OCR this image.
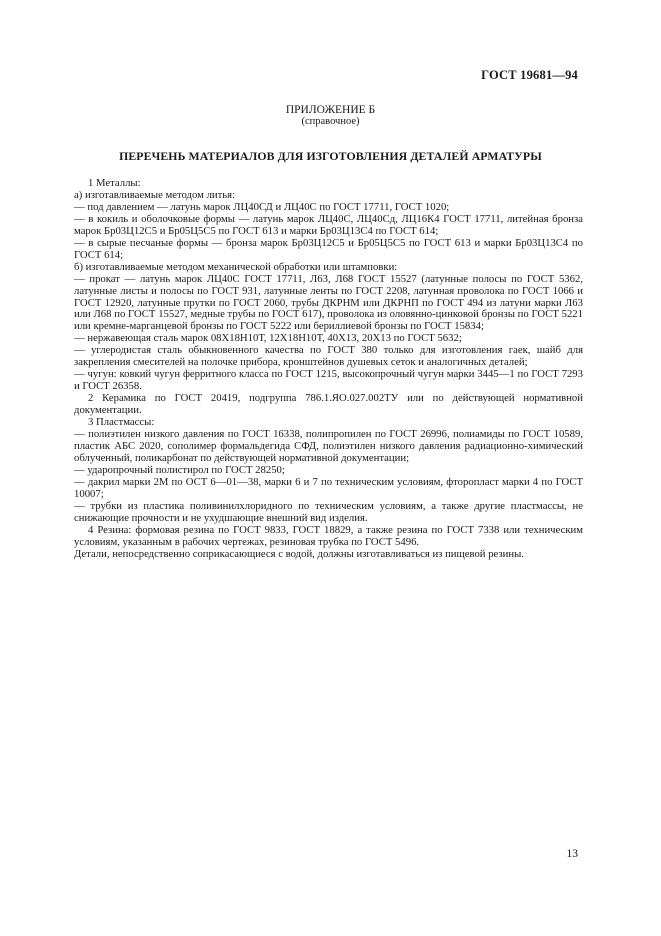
ГОСТ 19681—94
ПРИЛОЖЕНИЕ Б
(справочное)
ПЕРЕЧЕНЬ МАТЕРИАЛОВ ДЛЯ ИЗГОТОВЛЕНИЯ ДЕТАЛЕЙ АРМАТУРЫ

1 Металлы:

а) изготавливаемые методом литья:

— под давлением — латунь марок ЛЦ40СД и ЛЦ40С по ГОСТ 17711, ГОСТ 1020;

— в кокиль и оболочковые формы — латунь марок ЛЦ40С, ЛЦ40Сд, ЛЦ16К4 ГОСТ 17711, литейная бронза марок Бр03Ц12С5 и Бр05Ц5С5 по ГОСТ 613 и марки Бр03Ц13С4 по ГОСТ 614;

— в сырые песчаные формы — бронза марок Бр03Ц12С5 и Бр05Ц5С5 по ГОСТ 613 и марки Бр03Ц13С4 по ГОСТ 614;

б) изготавливаемые методом механической обработки или штамповки:

— прокат — латунь марок ЛЦ40С ГОСТ 17711, Л63, Л68 ГОСТ 15527 (латунные полосы по ГОСТ 5362, латунные листы и полосы по ГОСТ 931, латунные ленты по ГОСТ 2208, латунная проволока по ГОСТ 1066 и ГОСТ 12920, латунные прутки по ГОСТ 2060, трубы ДКРНМ или ДКРНП по ГОСТ 494 из латуни марки Л63 или Л68 по ГОСТ 15527, медные трубы по ГОСТ 617), проволока из оловянно-цинковой бронзы по ГОСТ 5221 или кремне-марганцевой бронзы по ГОСТ 5222 или бериллиевой бронзы по ГОСТ 15834;

— нержавеющая сталь марок 08Х18Н10Т, 12Х18Н10Т, 40Х13, 20Х13 по ГОСТ 5632;

— углеродистая сталь обыкновенного качества по ГОСТ 380 только для изготовления гаек, шайб для закрепления смесителей на полочке прибора, кронштейнов душевых сеток и аналогичных деталей;

— чугун: ковкий чугун ферритного класса по ГОСТ 1215, высокопрочный чугун марки 3445—1 по ГОСТ 7293 и ГОСТ 26358.

2 Керамика по ГОСТ 20419, подгруппа 786.1.ЯО.027.002ТУ или по действующей нормативной документации.

3 Пластмассы:

— полиэтилен низкого давления по ГОСТ 16338, полипропилен по ГОСТ 26996, полиамиды по ГОСТ 10589, пластик АБС 2020, сополимер формальдегида СФД, полиэтилен низкого давления радиационно-химический облученный, поликарбонат по действующей нормативной документации;

— ударопрочный полистирол по ГОСТ 28250;

— дакрил марки 2М по ОСТ 6—01—38, марки 6 и 7 по техническим условиям, фторопласт марки 4 по ГОСТ 10007;

— трубки из пластика поливинилхлоридного по техническим условиям, а также другие пластмассы, не снижающие прочности и не ухудшающие внешний вид изделия.

4 Резина: формовая резина по ГОСТ 9833, ГОСТ 18829, а также резина по ГОСТ 7338 или техническим условиям, указанным в рабочих чертежах, резиновая трубка по ГОСТ 5496.

Детали, непосредственно соприкасающиеся с водой, должны изготавливаться из пищевой резины.

13
